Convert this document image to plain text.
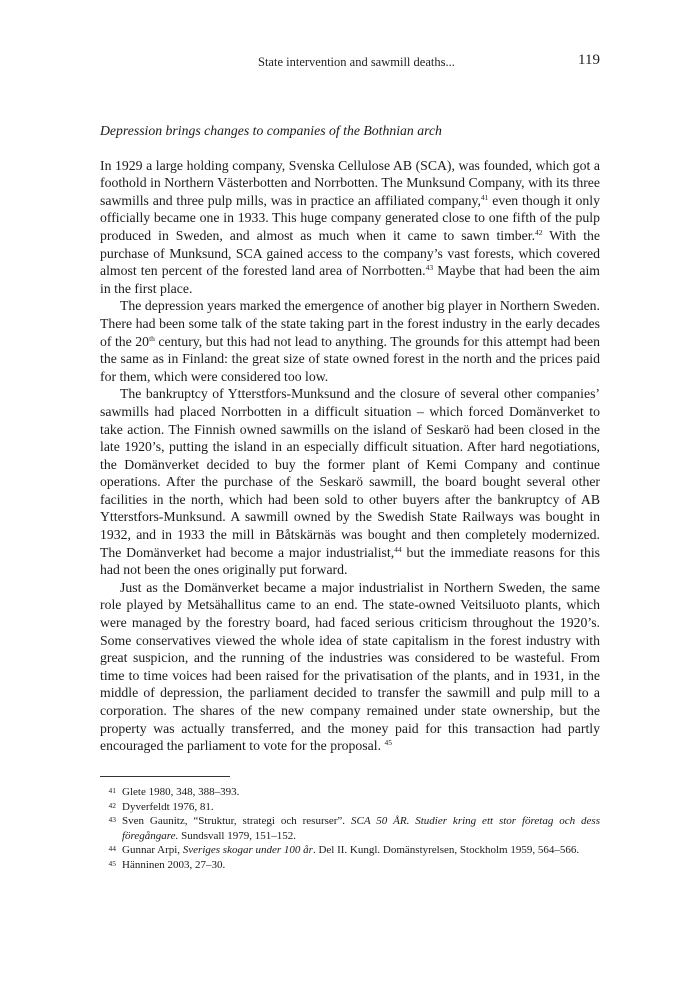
State intervention and sawmill deaths...	119
Depression brings changes to companies of the Bothnian arch

In 1929 a large holding company, Svenska Cellulose AB (SCA), was founded, which got a foothold in Northern Västerbotten and Norrbotten. The Munksund Company, with its three sawmills and three pulp mills, was in practice an affiliated company,$^{41}$ even though it only officially became one in 1933. This huge company generated close to one fifth of the pulp produced in Sweden, and almost as much when it came to sawn timber.$^{42}$ With the purchase of Munksund, SCA gained access to the company’s vast forests, which covered almost ten percent of the forested land area of Norrbotten.$^{43}$ Maybe that had been the aim in the first place.

The depression years marked the emergence of another big player in Northern Sweden. There had been some talk of the state taking part in the forest industry in the early decades of the 20th century, but this had not lead to anything. The grounds for this attempt had been the same as in Finland: the great size of state owned forest in the north and the prices paid for them, which were considered too low.

The bankruptcy of Ytterstfors-Munksund and the closure of several other companies’ sawmills had placed Norrbotten in a difficult situation – which forced Domänverket to take action. The Finnish owned sawmills on the island of Seskarö had been closed in the late 1920’s, putting the island in an especially difficult situation. After hard negotiations, the Domänverket decided to buy the former plant of Kemi Company and continue operations. After the purchase of the Seskarö sawmill, the board bought several other facilities in the north, which had been sold to other buyers after the bankruptcy of AB Ytterstfors-Munksund. A sawmill owned by the Swedish State Railways was bought in 1932, and in 1933 the mill in Båtskärnäs was bought and then completely modernized. The Domänverket had become a major industrialist,$^{44}$ but the immediate reasons for this had not been the ones originally put forward.

Just as the Domänverket became a major industrialist in Northern Sweden, the same role played by Metsähallitus came to an end. The state-owned Veitsiluoto plants, which were managed by the forestry board, had faced serious criticism throughout the 1920’s. Some conservatives viewed the whole idea of state capitalism in the forest industry with great suspicion, and the running of the industries was considered to be wasteful. From time to time voices had been raised for the privatisation of the plants, and in 1931, in the middle of depression, the parliament decided to transfer the sawmill and pulp mill to a corporation. The shares of the new company remained under state ownership, but the property was actually transferred, and the money paid for this transaction had partly encouraged the parliament to vote for the proposal. $^{45}$

41 Glete 1980, 348, 388–393.
42 Dyverfeldt 1976, 81.
43 Sven Gaunitz, “Struktur, strategi och resurser”. SCA 50 ÅR. Studier kring ett stor företag och dess föregångare. Sundsvall 1979, 151–152.
44 Gunnar Arpi, Sveriges skogar under 100 år. Del II. Kungl. Domänstyrelsen, Stockholm 1959, 564–566.
45 Hänninen 2003, 27–30.
